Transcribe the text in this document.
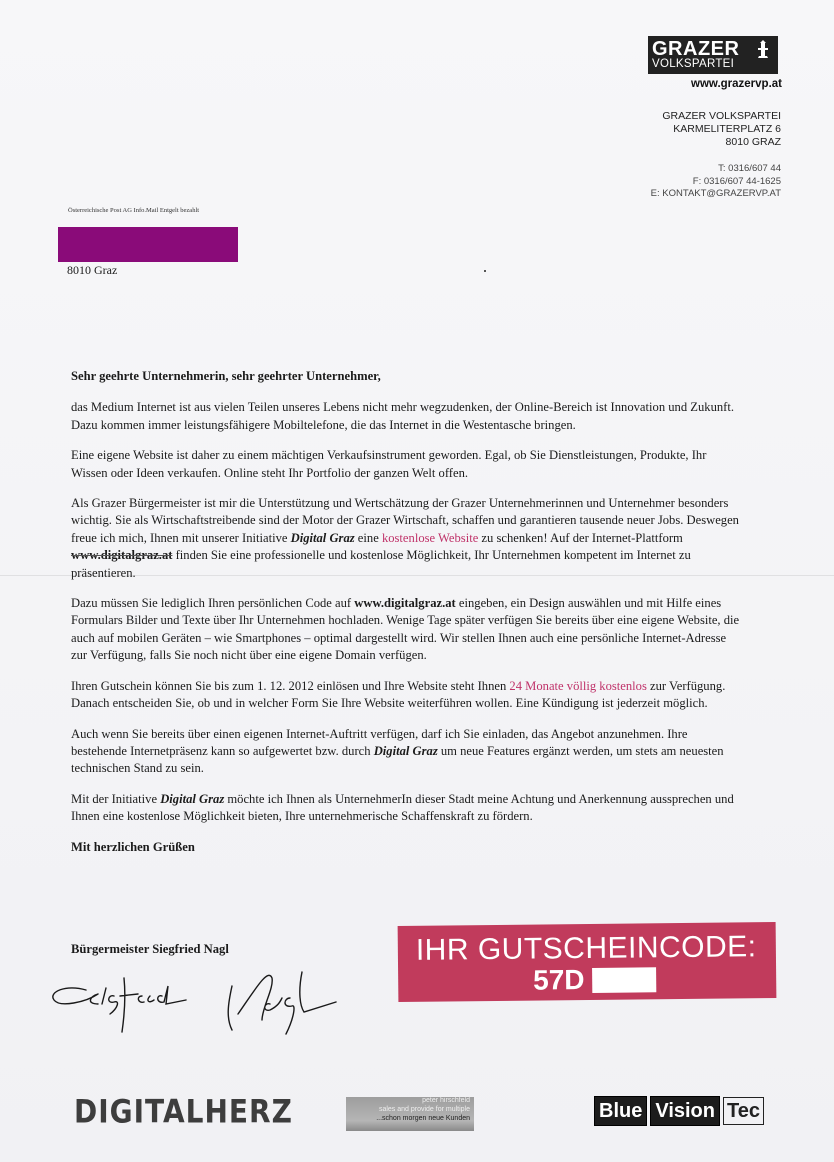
GRAZER
VOLKSPARTEI
www.grazervp.at
GRAZER VOLKSPARTEI
KARMELITERPLATZ 6
8010 GRAZ
T: 0316/607 44
F: 0316/607 44-1625
E: KONTAKT@GRAZERVP.AT
Österreichische Post AG Info.Mail Entgelt bezahlt
8010 Graz

Sehr geehrte Unternehmerin, sehr geehrter Unternehmer,

das Medium Internet ist aus vielen Teilen unseres Lebens nicht mehr wegzudenken, der Online-Bereich ist Innovation und Zukunft. Dazu kommen immer leistungsfähigere Mobiltelefone, die das Internet in die Westentasche bringen.

Eine eigene Website ist daher zu einem mächtigen Verkaufsinstrument geworden. Egal, ob Sie Dienstleistungen, Produkte, Ihr Wissen oder Ideen verkaufen. Online steht Ihr Portfolio der ganzen Welt offen.

Als Grazer Bürgermeister ist mir die Unterstützung und Wertschätzung der Grazer Unternehmerinnen und Unternehmer besonders wichtig. Sie als Wirtschaftstreibende sind der Motor der Grazer Wirtschaft, schaffen und garantieren tausende neuer Jobs. Deswegen freue ich mich, Ihnen mit unserer Initiative Digital Graz eine kostenlose Website zu schenken! Auf der Internet-Plattform www.digitalgraz.at finden Sie eine professionelle und kostenlose Möglichkeit, Ihr Unternehmen kompetent im Internet zu präsentieren.

Dazu müssen Sie lediglich Ihren persönlichen Code auf www.digitalgraz.at eingeben, ein Design auswählen und mit Hilfe eines Formulars Bilder und Texte über Ihr Unternehmen hochladen. Wenige Tage später verfügen Sie bereits über eine eigene Website, die auch auf mobilen Geräten – wie Smartphones – optimal dargestellt wird. Wir stellen Ihnen auch eine persönliche Internet-Adresse zur Verfügung, falls Sie noch nicht über eine eigene Domain verfügen.

Ihren Gutschein können Sie bis zum 1. 12. 2012 einlösen und Ihre Website steht Ihnen 24 Monate völlig kostenlos zur Verfügung. Danach entscheiden Sie, ob und in welcher Form Sie Ihre Website weiterführen wollen. Eine Kündigung ist jederzeit möglich.

Auch wenn Sie bereits über einen eigenen Internet-Auftritt verfügen, darf ich Sie einladen, das Angebot anzunehmen. Ihre bestehende Internetpräsenz kann so aufgewertet bzw. durch Digital Graz um neue Features ergänzt werden, um stets am neuesten technischen Stand zu sein.

Mit der Initiative Digital Graz möchte ich Ihnen als UnternehmerIn dieser Stadt meine Achtung und Anerkennung aussprechen und Ihnen eine kostenlose Möglichkeit bieten, Ihre unternehmerische Schaffenskraft zu fördern.

Mit herzlichen Grüßen

Bürgermeister Siegfried Nagl	IHR GUTSCHEINCODE:
57D
DIGITALHERZ	peter hirschfeld
sales and provide for multiple
...schon morgen neue Kunden	Blue Vision Tec
